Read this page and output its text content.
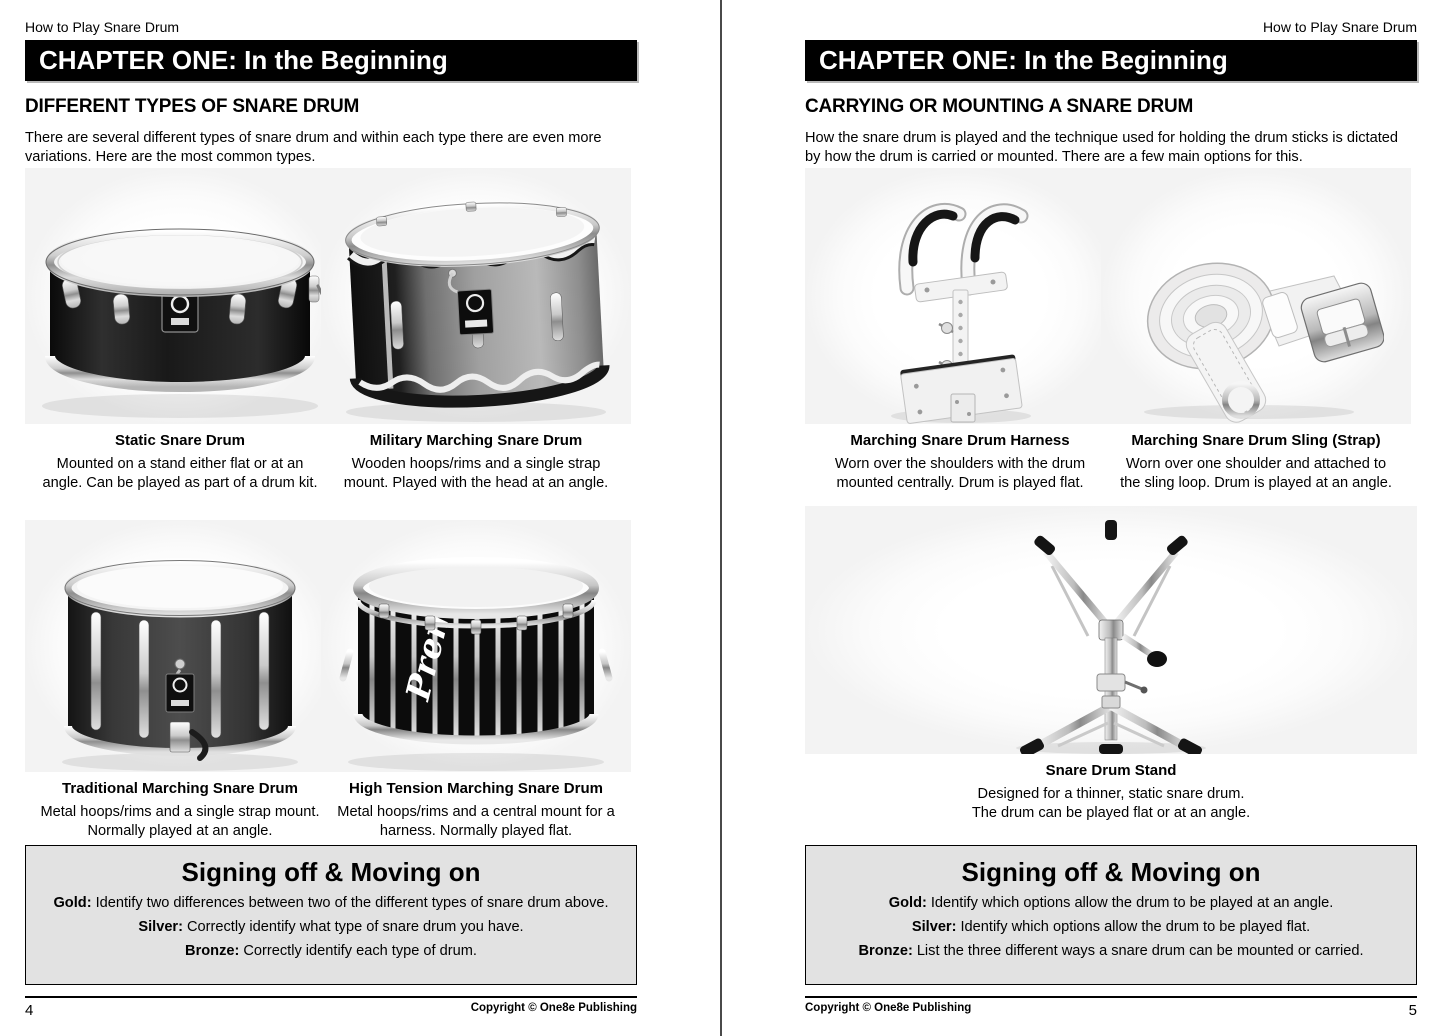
How to Play Snare Drum
CHAPTER ONE: In the Beginning
DIFFERENT TYPES OF SNARE DRUM
There are several different types of snare drum and within each type there are even more
variations. Here are the most common types.
Static Snare Drum
Mounted on a stand either flat or at an
angle. Can be played as part of a drum kit.
Military Marching Snare Drum
Wooden hoops/rims and a single strap
mount. Played with the head at an angle.
Traditional Marching Snare Drum
Metal hoops/rims and a single strap mount.
Normally played at an angle.
High Tension Marching Snare Drum
Metal hoops/rims and a central mount for a
harness. Normally played flat.
Signing off & Moving on
Gold: Identify two differences between two of the different types of snare drum above.
Silver: Correctly identify what type of snare drum you have.
Bronze: Correctly identify each type of drum.
4	Copyright © One8e Publishing
How to Play Snare Drum
CHAPTER ONE: In the Beginning
CARRYING OR MOUNTING A SNARE DRUM
How the snare drum is played and the technique used for holding the drum sticks is dictated
by how the drum is carried or mounted. There are a few main options for this.
Marching Snare Drum Harness
Worn over the shoulders with the drum
mounted centrally. Drum is played flat.
Marching Snare Drum Sling (Strap)
Worn over one shoulder and attached to
the sling loop. Drum is played at an angle.
Snare Drum Stand
Designed for a thinner, static snare drum.
The drum can be played flat or at an angle.
Signing off & Moving on
Gold: Identify which options allow the drum to be played at an angle.
Silver: Identify which options allow the drum to be played flat.
Bronze: List the three different ways a snare drum can be mounted or carried.
Copyright © One8e Publishing	5
